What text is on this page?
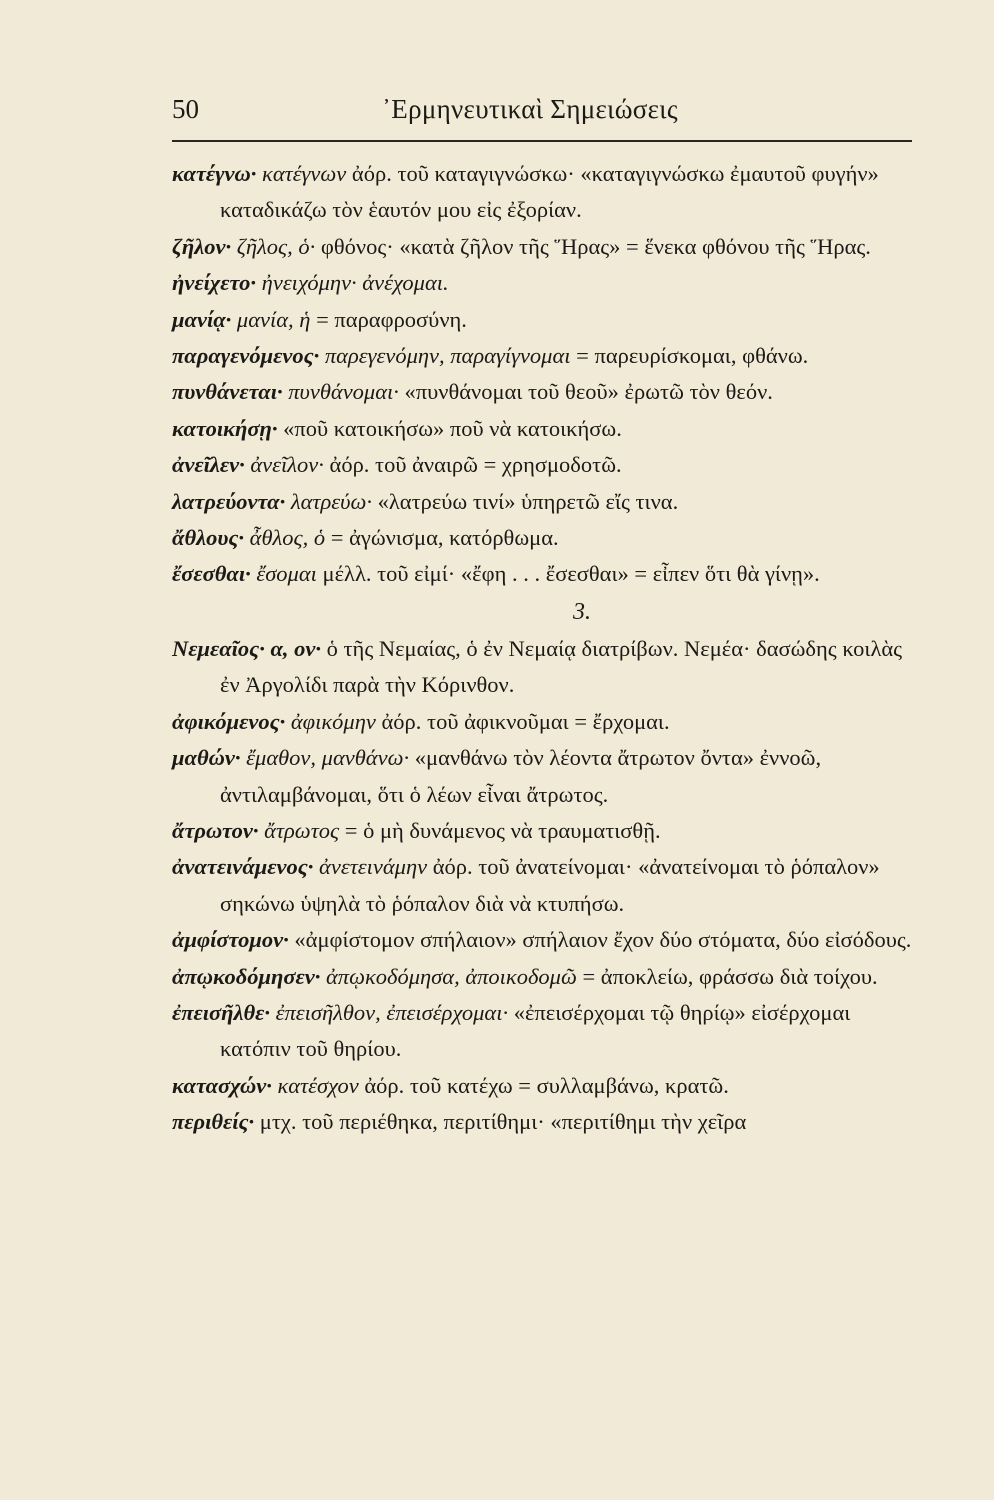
50	᾿Ερμηνευτικαὶ Σημειώσεις

κατέγνω· κατέγνων ἀόρ. τοῦ καταγιγνώσκω· «καταγιγνώσκω ἐμαυτοῦ φυγήν» καταδικάζω τὸν ἑαυτόν μου εἰς ἐξορίαν.

ζῆλον· ζῆλος, ὁ· φθόνος· «κατὰ ζῆλον τῆς Ἥρας» = ἕνεκα φθόνου τῆς Ἥρας.

ἠνείχετο· ἠνειχόμην· ἀνέχομαι.

μανίᾳ· μανία, ἡ = παραφροσύνη.

παραγενόμενος· παρεγενόμην, παραγίγνομαι = παρευρίσκομαι, φθάνω.

πυνθάνεται· πυνθάνομαι· «πυνθάνομαι τοῦ θεοῦ» ἐρωτῶ τὸν θεόν.

κατοικήσῃ· «ποῦ κατοικήσω» ποῦ νὰ κατοικήσω.

ἀνεῖλεν· ἀνεῖλον· ἀόρ. τοῦ ἀναιρῶ = χρησμοδοτῶ.

λατρεύοντα· λατρεύω· «λατρεύω τινί» ὑπηρετῶ εἴς τινα.

ἄθλους· ἆθλος, ὁ = ἀγώνισμα, κατόρθωμα.

ἔσεσθαι· ἔσομαι μέλλ. τοῦ εἰμί· «ἔφη . . . ἔσεσθαι» = εἶπεν ὅτι θὰ γίνῃ».

3.

Νεμεαῖος· α, ον· ὁ τῆς Νεμαίας, ὁ ἐν Νεμαίᾳ διατρίβων. Νεμέα· δασώδης κοιλὰς ἐν Ἀργολίδι παρὰ τὴν Κόρινθον.

ἀφικόμενος· ἀφικόμην ἀόρ. τοῦ ἀφικνοῦμαι = ἔρχομαι.

μαθών· ἔμαθον, μανθάνω· «μανθάνω τὸν λέοντα ἄτρωτον ὄντα» ἐννοῶ, ἀντιλαμβάνομαι, ὅτι ὁ λέων εἶναι ἄτρωτος.

ἄτρωτον· ἄτρωτος = ὁ μὴ δυνάμενος νὰ τραυματισθῇ.

ἀνατεινάμενος· ἀνετεινάμην ἀόρ. τοῦ ἀνατείνομαι· «ἀνατείνομαι τὸ ῥόπαλον» σηκώνω ὑψηλὰ τὸ ῥόπαλον διὰ νὰ κτυπήσω.

ἀμφίστομον· «ἀμφίστομον σπήλαιον» σπήλαιον ἔχον δύο στόματα, δύο εἰσόδους.

ἀπῳκοδόμησεν· ἀπῳκοδόμησα, ἀποικοδομῶ = ἀποκλείω, φράσσω διὰ τοίχου.

ἐπεισῆλθε· ἐπεισῆλθον, ἐπεισέρχομαι· «ἐπεισέρχομαι τῷ θηρίῳ» εἰσέρχομαι κατόπιν τοῦ θηρίου.

κατασχών· κατέσχον ἀόρ. τοῦ κατέχω = συλλαμβάνω, κρατῶ.

περιθείς· μτχ. τοῦ περιέθηκα, περιτίθημι· «περιτίθημι τὴν χεῖρα
